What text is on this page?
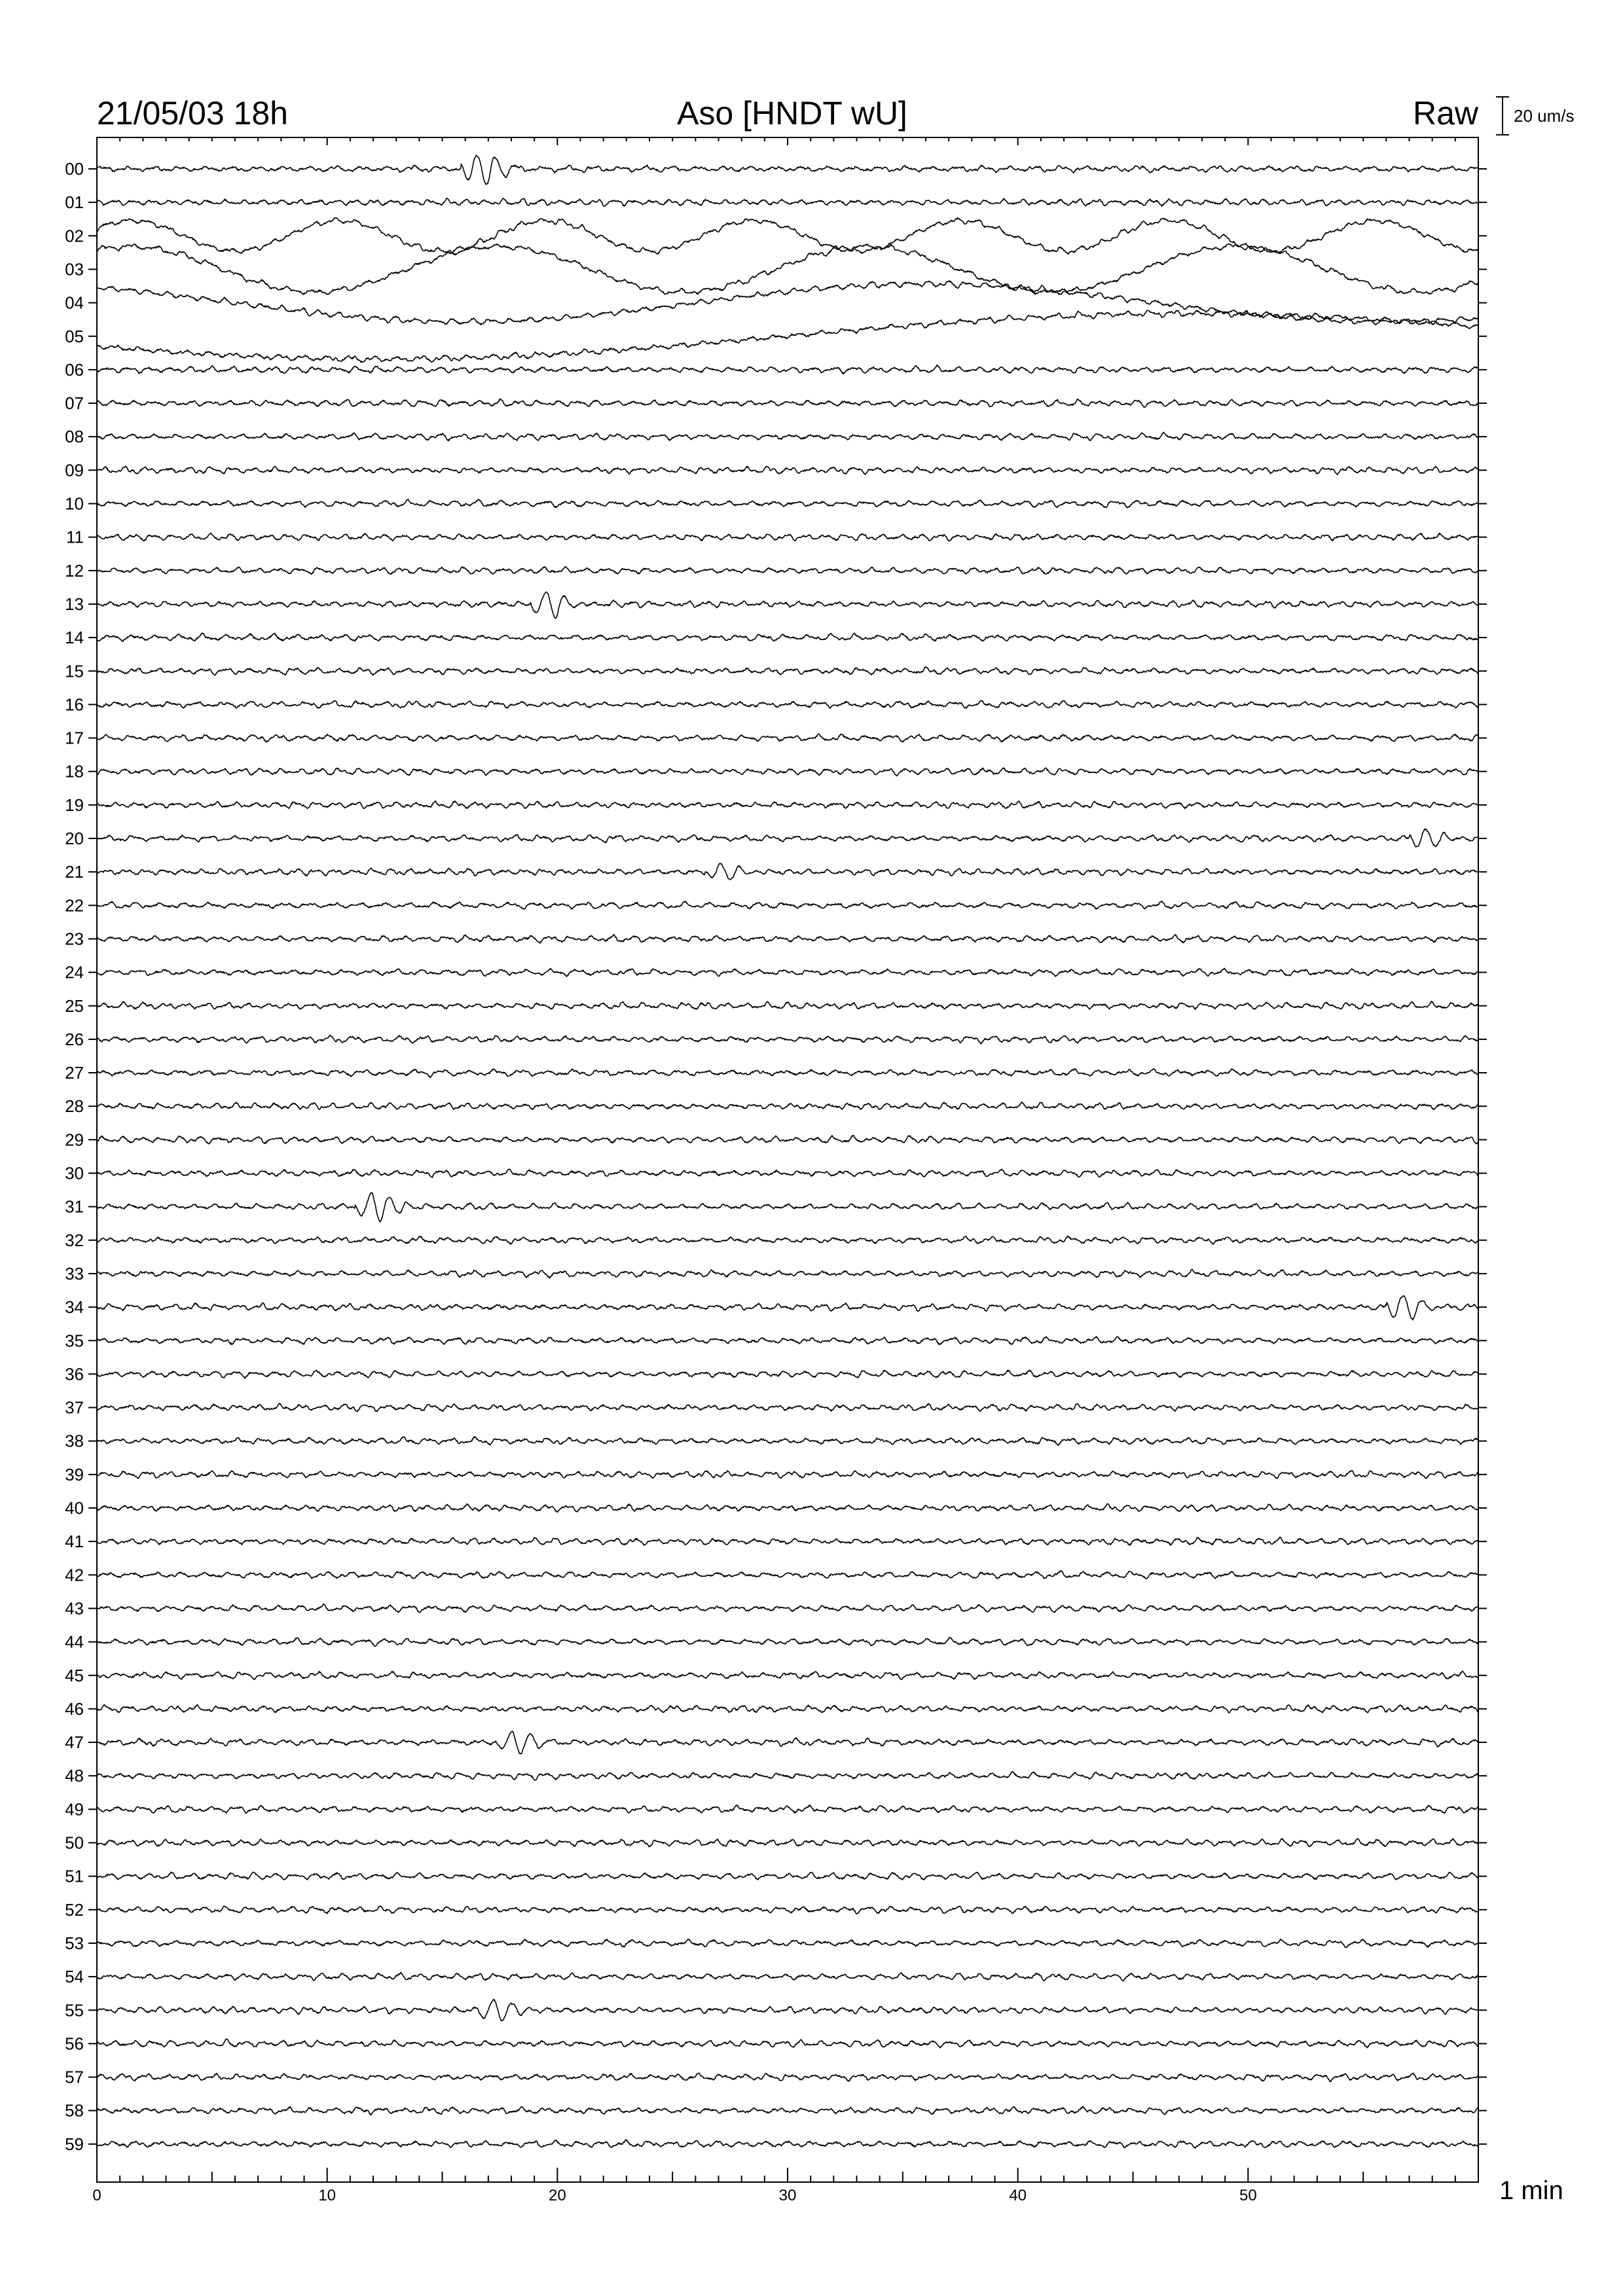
21/05/03 18h	Aso [HNDT wU]	Raw 20 um/s
00
01
02
03
04
05
06
07
08
09
10
11
12
13
14
15
16
17
18
19
20
21
22
23
24
25
26
27
28
29
30
31
32
33
34
35
36
37
38
39
40
41
42
43
44
45
46
47
48
49
50
51
52
53
54
55
56
57
58
59
0	10	20	30	40	50	1 min
